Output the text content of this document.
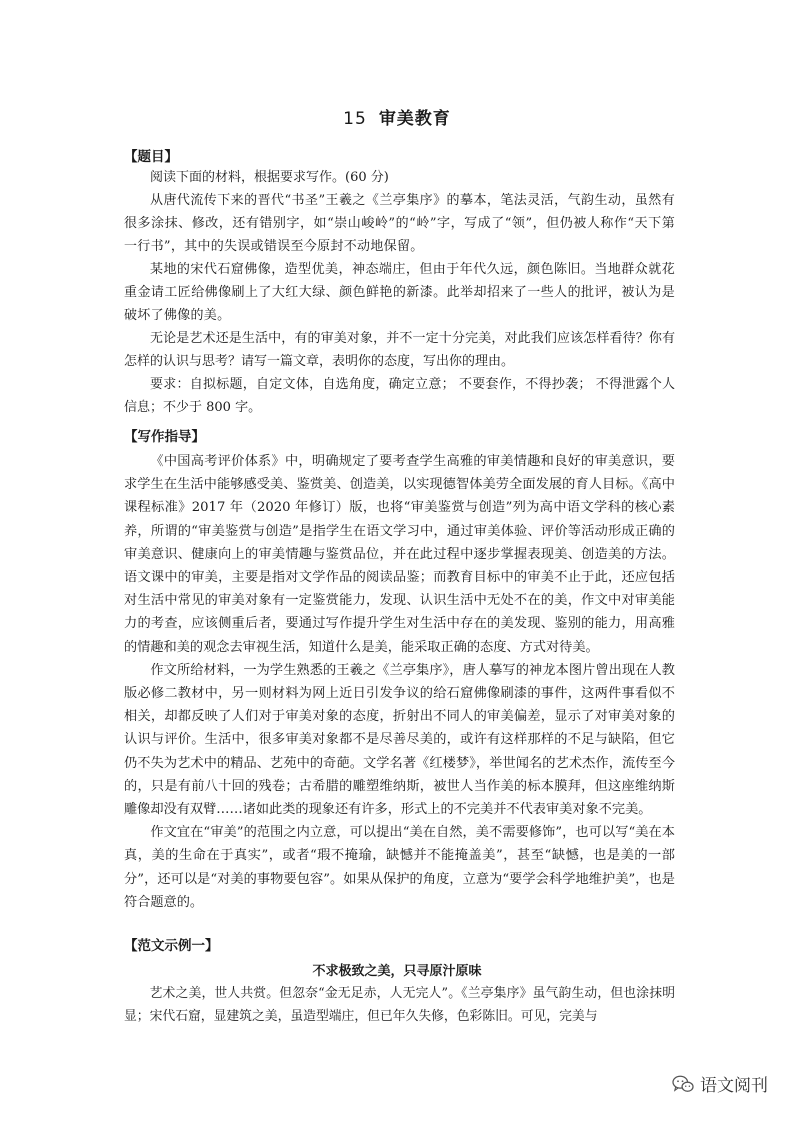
15 审美教育
【题目】

阅读下面的材料，根据要求写作。(60 分)

从唐代流传下来的晋代“书圣”王羲之《兰亭集序》的摹本，笔法灵活，气韵生动，虽然有很多涂抹、修改，还有错别字，如“崇山峻岭”的“岭”字，写成了“领”，但仍被人称作“天下第一行书”，其中的失误或错误至今原封不动地保留。

某地的宋代石窟佛像，造型优美，神态端庄，但由于年代久远，颜色陈旧。当地群众就花重金请工匠给佛像刷上了大红大绿、颜色鲜艳的新漆。此举却招来了一些人的批评，被认为是破坏了佛像的美。

无论是艺术还是生活中，有的审美对象，并不一定十分完美，对此我们应该怎样看待？你有怎样的认识与思考？请写一篇文章，表明你的态度，写出你的理由。

要求：自拟标题，自定文体，自选角度，确定立意； 不要套作，不得抄袭； 不得泄露个人信息；不少于 800 字。

【写作指导】

《中国高考评价体系》中，明确规定了要考查学生高雅的审美情趣和良好的审美意识，要求学生在生活中能够感受美、鉴赏美、创造美，以实现德智体美劳全面发展的育人目标。《高中课程标准》2017 年（2020 年修订）版，也将“审美鉴赏与创造”列为高中语文学科的核心素养，所谓的“审美鉴赏与创造”是指学生在语文学习中，通过审美体验、评价等活动形成正确的审美意识、健康向上的审美情趣与鉴赏品位，并在此过程中逐步掌握表现美、创造美的方法。语文课中的审美，主要是指对文学作品的阅读品鉴；而教育目标中的审美不止于此，还应包括对生活中常见的审美对象有一定鉴赏能力，发现、认识生活中无处不在的美，作文中对审美能力的考查，应该侧重后者，要通过写作提升学生对生活中存在的美发现、鉴别的能力，用高雅的情趣和美的观念去审视生活，知道什么是美，能采取正确的态度、方式对待美。

作文所给材料，一为学生熟悉的王羲之《兰亭集序》，唐人摹写的神龙本图片曾出现在人教版必修二教材中，另一则材料为网上近日引发争议的给石窟佛像刷漆的事件，这两件事看似不相关，却都反映了人们对于审美对象的态度，折射出不同人的审美偏差，显示了对审美对象的认识与评价。生活中，很多审美对象都不是尽善尽美的，或许有这样那样的不足与缺陷，但它仍不失为艺术中的精品、艺苑中的奇葩。文学名著《红楼梦》，举世闻名的艺术杰作，流传至今的，只是有前八十回的残卷；古希腊的雕塑维纳斯，被世人当作美的标本膜拜，但这座维纳斯雕像却没有双臂……诸如此类的现象还有许多，形式上的不完美并不代表审美对象不完美。

作文宜在“审美”的范围之内立意，可以提出“美在自然，美不需要修饰”，也可以写“美在本真，美的生命在于真实”，或者“瑕不掩瑜，缺憾并不能掩盖美”，甚至“缺憾，也是美的一部分”，还可以是“对美的事物要包容”。如果从保护的角度，立意为“要学会科学地维护美”，也是符合题意的。

【范文示例一】
不求极致之美，只寻原汁原味

艺术之美，世人共赏。但忽奈“金无足赤，人无完人”。《兰亭集序》虽气韵生动，但也涂抹明显；宋代石窟，显建筑之美，虽造型端庄，但已年久失修，色彩陈旧。可见，完美与

语文阅刊
